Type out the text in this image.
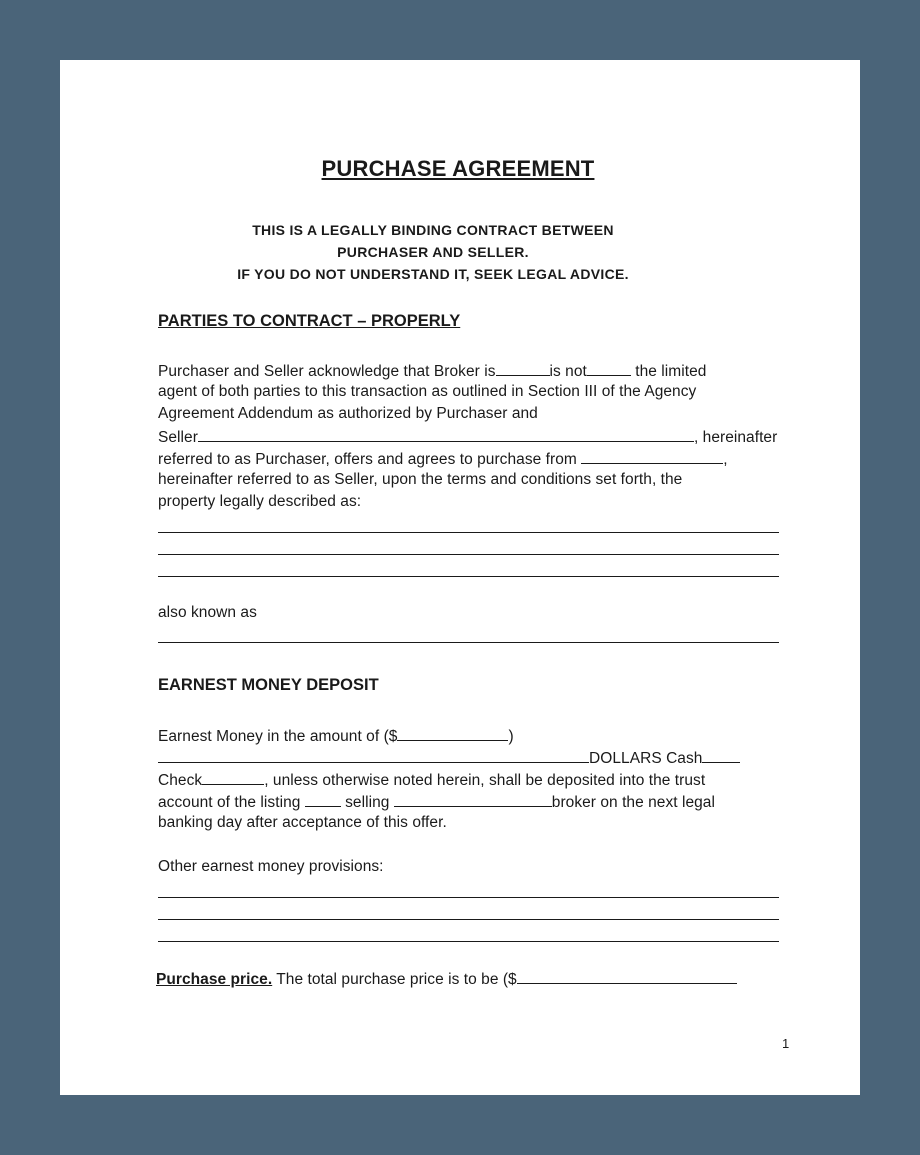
PURCHASE AGREEMENT
THIS IS A LEGALLY BINDING CONTRACT BETWEEN
PURCHASER AND SELLER.
IF YOU DO NOT UNDERSTAND IT, SEEK LEGAL ADVICE.
PARTIES TO CONTRACT – PROPERLY
Purchaser and Seller acknowledge that Broker is	is not	the limited
agent of both parties to this transaction as outlined in Section III of the Agency
Agreement Addendum as authorized by Purchaser and
Seller	, hereinafter
referred to as Purchaser, offers and agrees to purchase from	,
hereinafter referred to as Seller, upon the terms and conditions set forth, the
property legally described as:
also known as
EARNEST MONEY DEPOSIT
Earnest Money in the amount of ($	)
DOLLARS Cash
Check	, unless otherwise noted herein, shall be deposited into the trust
account of the listing  selling	broker on the next legal
banking day after acceptance of this offer.
Other earnest money provisions:
Purchase price. The total purchase price is to be ($
1
